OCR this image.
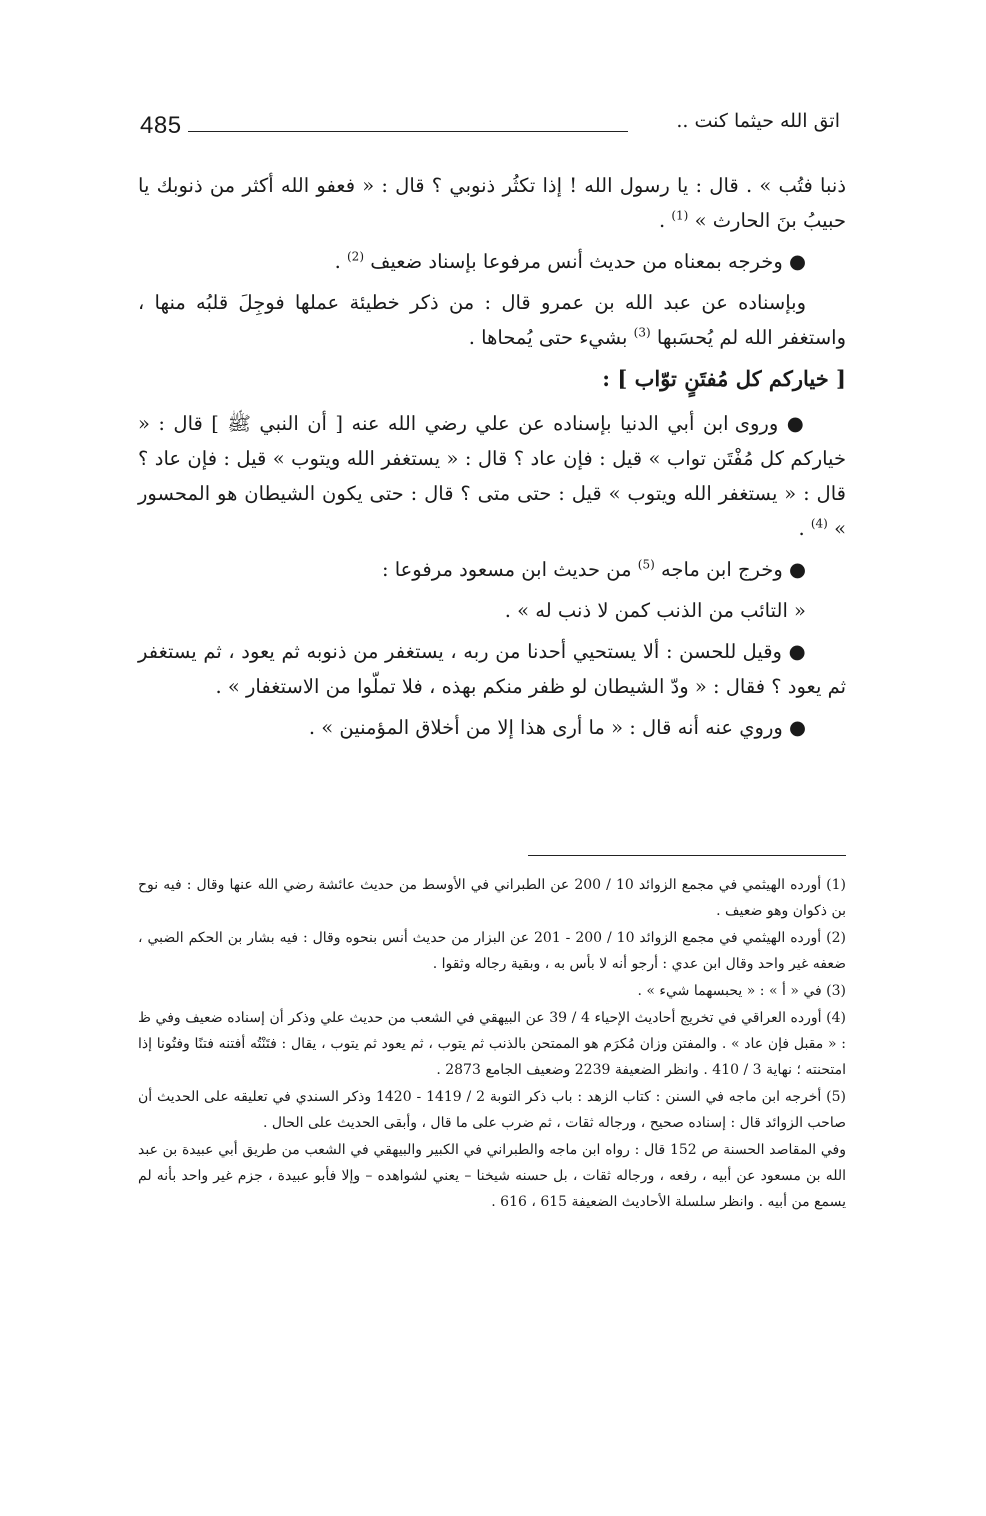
485	اتق الله حيثما كنت ..

ذنبا فتُب » . قال : يا رسول الله ! إذا تكثُر ذنوبي ؟ قال : « فعفو الله أكثر من ذنوبك يا حبيبُ بنَ الحارث » $^{(1)}$ .

● وخرجه بمعناه من حديث أنس مرفوعا بإسناد ضعيف $^{(2)}$ .

وبإسناده عن عبد الله بن عمرو قال : من ذكر خطيئة عملها فوجِلَ قلبُه منها ، واستغفر الله لم يُحسَبها $^{(3)}$ بشيء حتى يُمحاها .

[ خياركم كل مُفتَنٍ توّاب ] :

● وروى ابن أبي الدنيا بإسناده عن علي رضي الله عنه [ أن النبي ﷺ ] قال : « خياركم كل مُفْتَن تواب » قيل : فإن عاد ؟ قال : « يستغفر الله ويتوب » قيل : فإن عاد ؟ قال : « يستغفر الله ويتوب » قيل : حتى متى ؟ قال : حتى يكون الشيطان هو المحسور » $^{(4)}$ .

● وخرج ابن ماجه $^{(5)}$ من حديث ابن مسعود مرفوعا :

« التائب من الذنب كمن لا ذنب له » .

● وقيل للحسن : ألا يستحيي أحدنا من ربه ، يستغفر من ذنوبه ثم يعود ، ثم يستغفر ثم يعود ؟ فقال : « ودّ الشيطان لو ظفر منكم بهذه ، فلا تملّوا من الاستغفار » .

● وروي عنه أنه قال : « ما أرى هذا إلا من أخلاق المؤمنين » .

(1) أورده الهيثمي في مجمع الزوائد 10 / 200 عن الطبراني في الأوسط من حديث عائشة رضي الله عنها وقال : فيه نوح بن ذكوان وهو ضعيف .

(2) أورده الهيثمي في مجمع الزوائد 10 / 200 - 201 عن البزار من حديث أنس بنحوه وقال : فيه بشار بن الحكم الضبي ، ضعفه غير واحد وقال ابن عدي : أرجو أنه لا بأس به ، وبقية رجاله وثقوا .

(3) في « أ » : « يحبسهما شيء » .

(4) أورده العراقي في تخريج أحاديث الإحياء 4 / 39 عن البيهقي في الشعب من حديث علي وذكر أن إسناده ضعيف وفي ظ : « مقبل فإن عاد » . والمفتن وزان مُكرَم هو الممتحن بالذنب ثم يتوب ، ثم يعود ثم يتوب ، يقال : فتَنْتُه أفتنه فتنًا وفتُونا إذا امتحنته ؛ نهاية 3 / 410 . وانظر الضعيفة 2239 وضعيف الجامع 2873 .

(5) أخرجه ابن ماجه في السنن : كتاب الزهد : باب ذكر التوبة 2 / 1419 - 1420 وذكر السندي في تعليقه على الحديث أن صاحب الزوائد قال : إسناده صحيح ، ورجاله ثقات ، ثم ضرب على ما قال ، وأبقى الحديث على الحال .

وفي المقاصد الحسنة ص 152 قال : رواه ابن ماجه والطبراني في الكبير والبيهقي في الشعب من طريق أبي عبيدة بن عبد الله بن مسعود عن أبيه ، رفعه ، ورجاله ثقات ، بل حسنه شيخنا – يعني لشواهده – وإلا فأبو عبيدة ، جزم غير واحد بأنه لم يسمع من أبيه . وانظر سلسلة الأحاديث الضعيفة 615 ، 616 .
